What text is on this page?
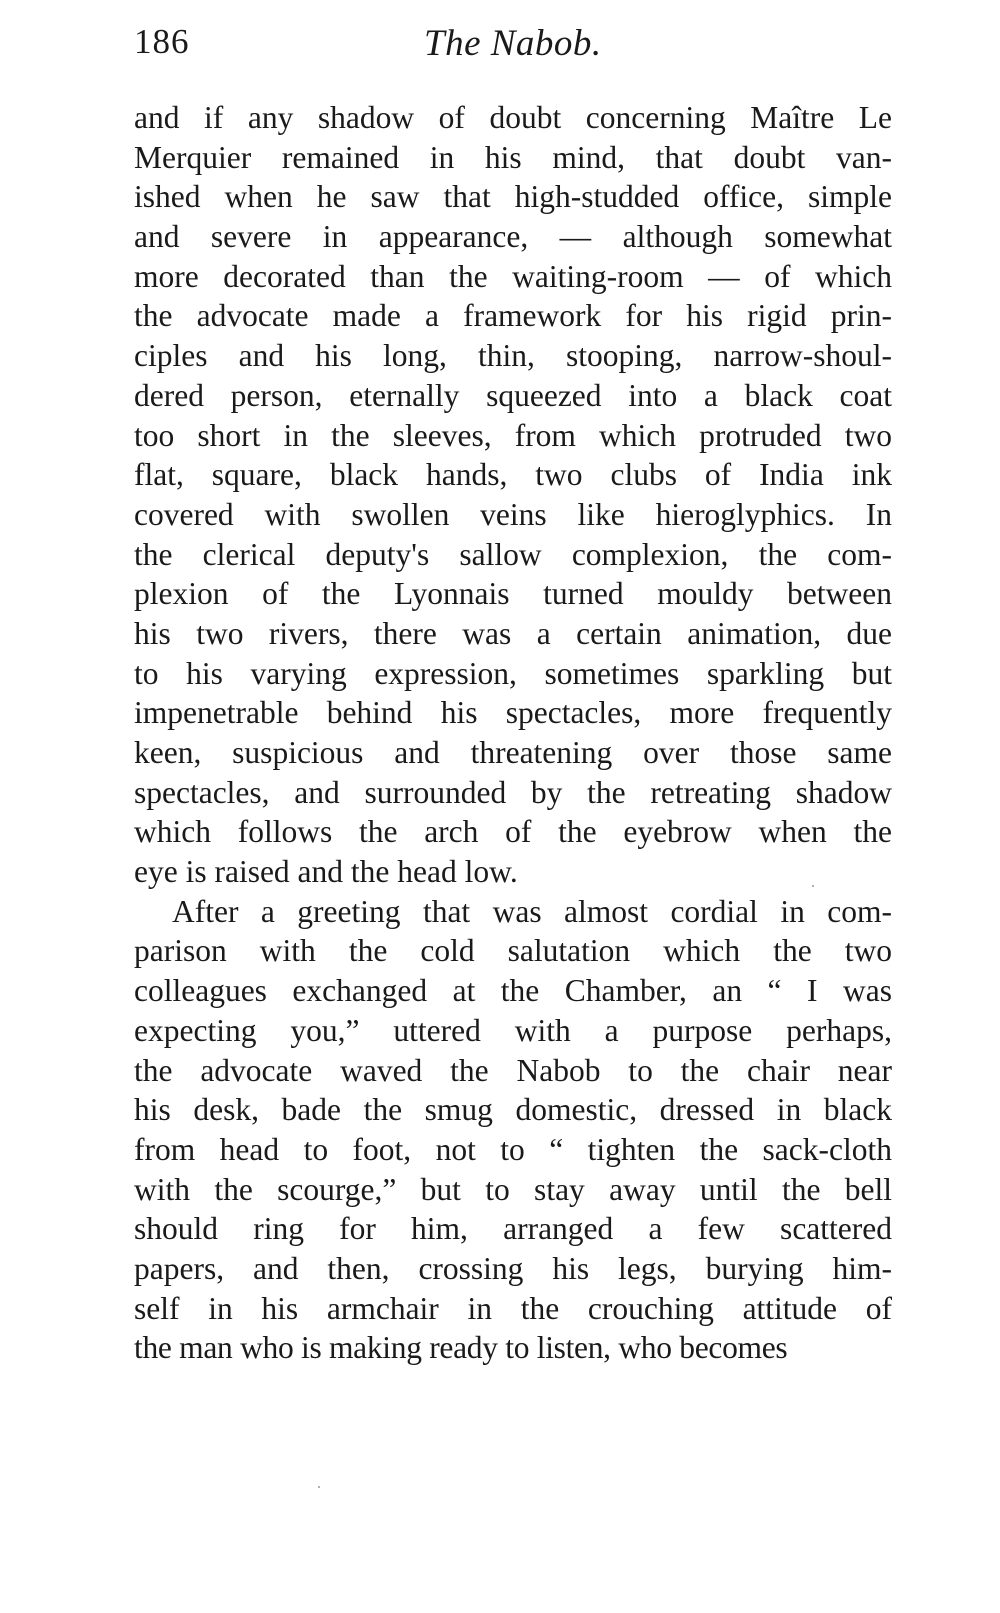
186	The Nabob.
and if any shadow of doubt concerning Maître Le
Merquier remained in his mind, that doubt van-
ished when he saw that high-studded office, simple
and severe in appearance, — although somewhat
more decorated than the waiting-room — of which
the advocate made a framework for his rigid prin-
ciples and his long, thin, stooping, narrow-shoul-
dered person, eternally squeezed into a black coat
too short in the sleeves, from which protruded two
flat, square, black hands, two clubs of India ink
covered with swollen veins like hieroglyphics. In
the clerical deputy's sallow complexion, the com-
plexion of the Lyonnais turned mouldy between
his two rivers, there was a certain animation, due
to his varying expression, sometimes sparkling but
impenetrable behind his spectacles, more frequently
keen, suspicious and threatening over those same
spectacles, and surrounded by the retreating shadow
which follows the arch of the eyebrow when the
eye is raised and the head low.
After a greeting that was almost cordial in com-
parison with the cold salutation which the two
colleagues exchanged at the Chamber, an “ I was
expecting you,” uttered with a purpose perhaps,
the advocate waved the Nabob to the chair near
his desk, bade the smug domestic, dressed in black
from head to foot, not to “ tighten the sack-cloth
with the scourge,” but to stay away until the bell
should ring for him, arranged a few scattered
papers, and then, crossing his legs, burying him-
self in his armchair in the crouching attitude of
the man who is making ready to listen, who becomes
